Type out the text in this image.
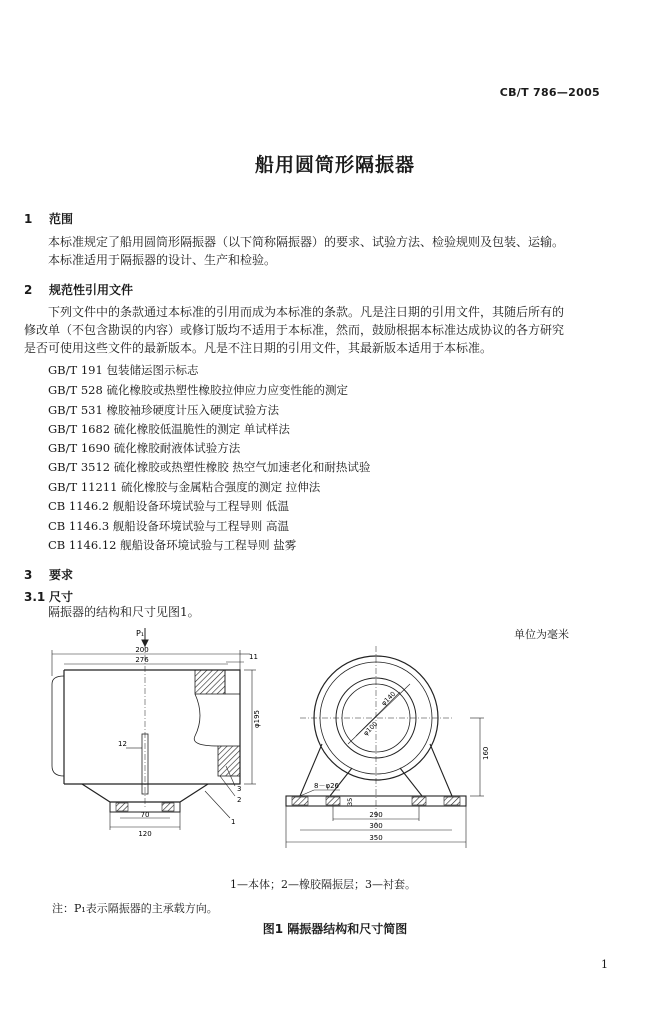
CB/T 786—2005
船用圆筒形隔振器
1 范围
本标准规定了船用圆筒形隔振器（以下简称隔振器）的要求、试验方法、检验规则及包装、运输。
本标准适用于隔振器的设计、生产和检验。
2 规范性引用文件
下列文件中的条款通过本标准的引用而成为本标准的条款。凡是注日期的引用文件，其随后所有的
修改单（不包含勘误的内容）或修订版均不适用于本标准，然而，鼓励根据本标准达成协议的各方研究
是否可使用这些文件的最新版本。凡是不注日期的引用文件，其最新版本适用于本标准。
GB/T 191 包装储运图示标志
GB/T 528 硫化橡胶或热塑性橡胶拉伸应力应变性能的测定
GB/T 531 橡胶袖珍硬度计压入硬度试验方法
GB/T 1682 硫化橡胶低温脆性的测定 单试样法
GB/T 1690 硫化橡胶耐液体试验方法
GB/T 3512 硫化橡胶或热塑性橡胶 热空气加速老化和耐热试验
GB/T 11211 硫化橡胶与金属粘合强度的测定 拉伸法
CB 1146.2 舰船设备环境试验与工程导则 低温
CB 1146.3 舰船设备环境试验与工程导则 高温
CB 1146.12 舰船设备环境试验与工程导则 盐雾
3 要求
3.1 尺寸
隔振器的结构和尺寸见图1。
单位为毫米
200
276	11
12
φ195
70
120
P₁
2
3
1
φ140
φ100
8－φ26
160
35
290
300
350
1—本体；2—橡胶隔振层；3—衬套。
注：P₁表示隔振器的主承载方向。
图1 隔振器结构和尺寸简图
1
